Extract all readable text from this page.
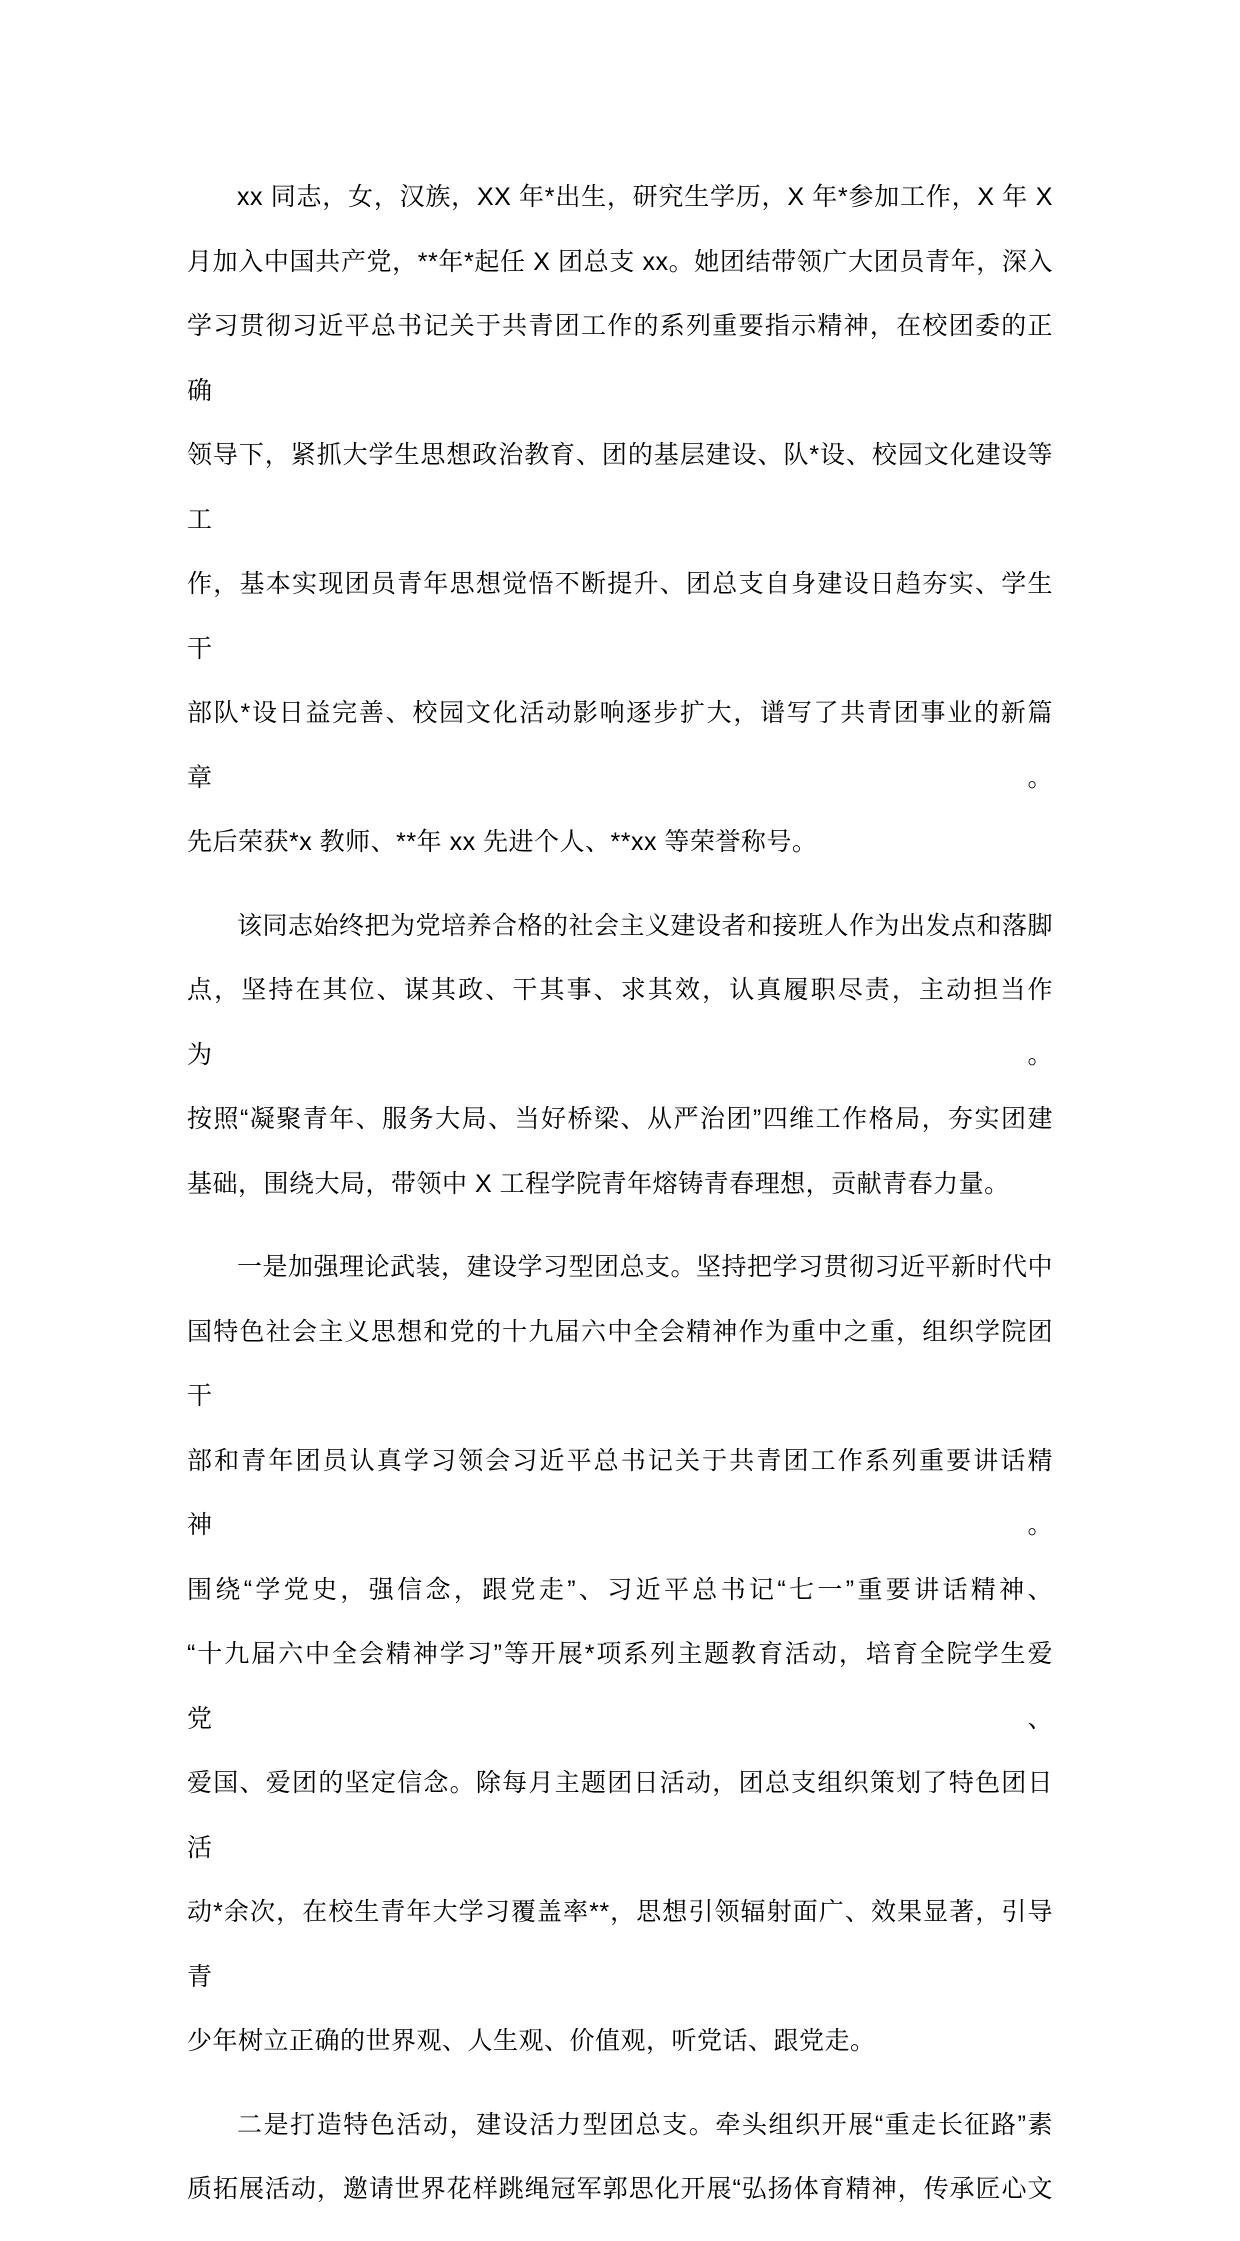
xx 同志，女，汉族，XX 年*出生，研究生学历，X 年*参加工作，X 年 X
月加入中国共产党，**年*起任 X 团总支 xx。她团结带领广大团员青年，深入
学习贯彻习近平总书记关于共青团工作的系列重要指示精神，在校团委的正确
领导下，紧抓大学生思想政治教育、团的基层建设、队*设、校园文化建设等工
作，基本实现团员青年思想觉悟不断提升、团总支自身建设日趋夯实、学生干
部队*设日益完善、校园文化活动影响逐步扩大，谱写了共青团事业的新篇章。
先后荣获*x 教师、**年 xx 先进个人、**xx 等荣誉称号。

该同志始终把为党培养合格的社会主义建设者和接班人作为出发点和落脚
点，坚持在其位、谋其政、干其事、求其效，认真履职尽责，主动担当作为。
按照“凝聚青年、服务大局、当好桥梁、从严治团”四维工作格局，夯实团建
基础，围绕大局，带领中 X 工程学院青年熔铸青春理想，贡献青春力量。

一是加强理论武装，建设学习型团总支。坚持把学习贯彻习近平新时代中
国特色社会主义思想和党的十九届六中全会精神作为重中之重，组织学院团干
部和青年团员认真学习领会习近平总书记关于共青团工作系列重要讲话精神。
围绕“学党史，强信念，跟党走”、习近平总书记“七一”重要讲话精神、
“十九届六中全会精神学习”等开展*项系列主题教育活动，培育全院学生爱党、
爱国、爱团的坚定信念。除每月主题团日活动，团总支组织策划了特色团日活
动*余次，在校生青年大学习覆盖率**，思想引领辐射面广、效果显著，引导青
少年树立正确的世界观、人生观、价值观，听党话、跟党走。

二是打造特色活动，建设活力型团总支。牵头组织开展“重走长征路”素
质拓展活动，邀请世界花样跳绳冠军郭思化开展“弘扬体育精神，传承匠心文
